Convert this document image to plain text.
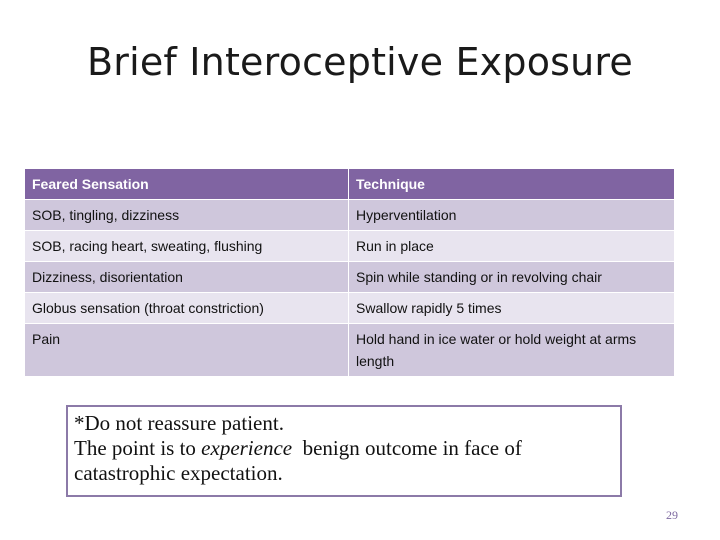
Brief Interoceptive Exposure
Feared Sensation	Technique
SOB, tingling, dizziness	Hyperventilation
SOB, racing heart, sweating, flushing	Run in place
Dizziness, disorientation	Spin while standing or in revolving chair
Globus sensation (throat constriction)	Swallow rapidly 5 times
Pain	Hold hand in ice water or hold weight at arms length
*Do not reassure patient.
The point is to experience  benign outcome in face of catastrophic expectation.
29
